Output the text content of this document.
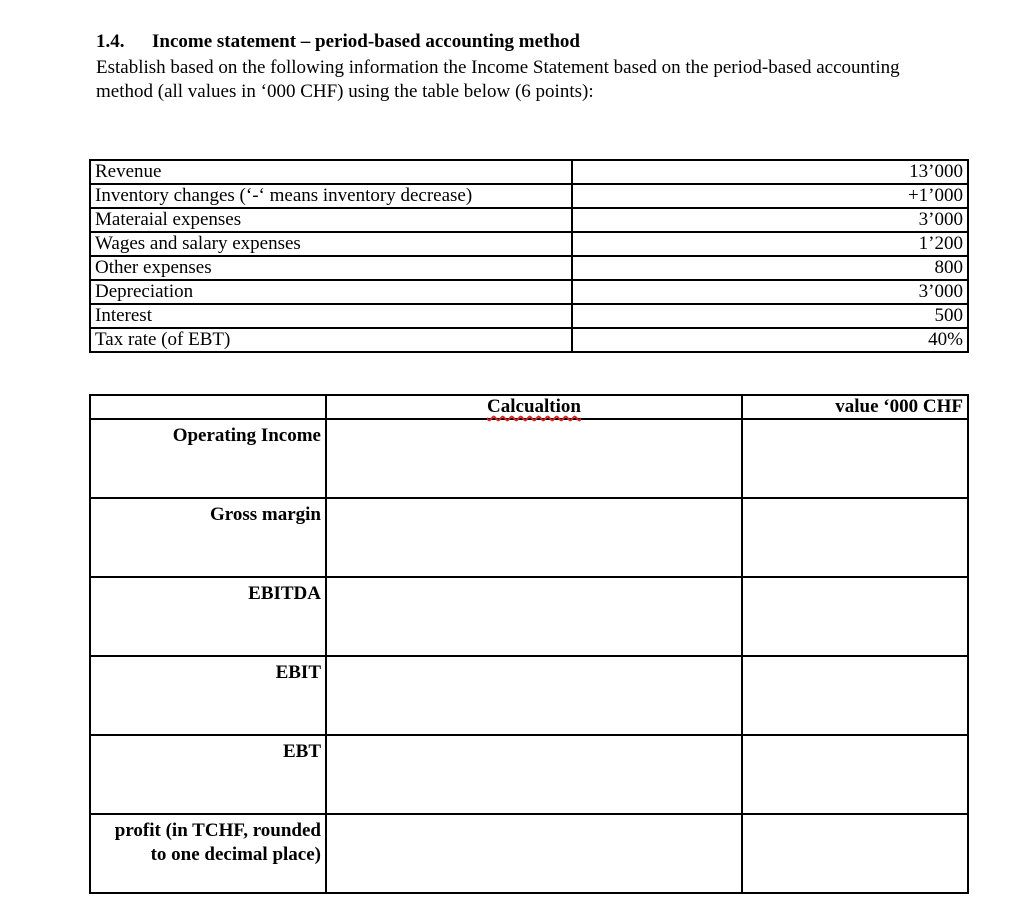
1.4. Income statement – period-based accounting method
Establish based on the following information the Income Statement based on the period-based accounting method (all values in ‘000 CHF) using the table below (6 points):
Revenue	13’000
Inventory changes (‘-‘ means inventory decrease)	+1’000
Materaial expenses	3’000
Wages and salary expenses	1’200
Other expenses	800
Depreciation	3’000
Interest	500
Tax rate (of EBT)	40%
	Calcualtion	value ‘000 CHF
Operating Income		
Gross margin		
EBITDA		
EBIT		
EBT		
profit (in TCHF, rounded to one decimal place)		
